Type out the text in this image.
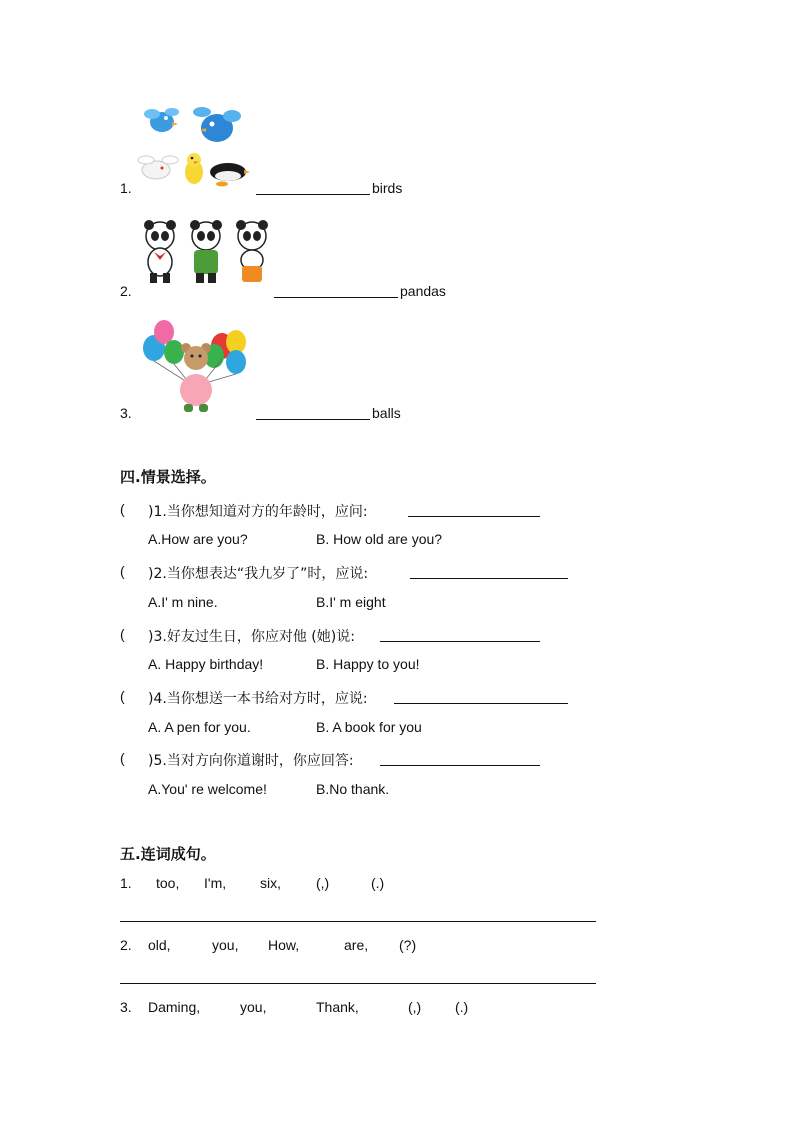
1.	birds
2.	pandas
3.	balls
四.情景选择。
( )1.当你想知道对方的年龄时，应问:
A.How are you?	B. How old are you?
( )2.当你想表达“我九岁了”时，应说:
A.I' m nine.	B.I' m eight
( )3.好友过生日，你应对他 (她)说:
A. Happy birthday!	B. Happy to you!
( )4.当你想送一本书给对方时，应说:
A. A pen for you.	B. A book for you
( )5.当对方向你道谢时，你应回答:
A.You' re welcome!	B.No thank.
五.连词成句。
1. too, I'm, six,	(,)	(.)
2. old,	you, How,	are, (?)
3. Daming,	you,	Thank,	(,) (.)
